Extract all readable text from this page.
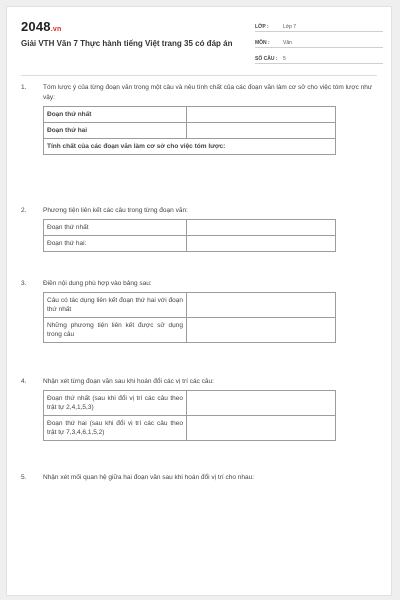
2048.vn
Giải VTH Văn 7 Thực hành tiếng Việt trang 35 có đáp án
LỚP :	Lớp 7
MÔN :	Văn
SỐ CÂU : 5
1.	Tóm lược ý của từng đoạn văn trong một câu và nêu tính chất của các đoạn văn làm cơ sở cho việc tóm lược như vậy:
Đoạn thứ nhất	
Đoạn thứ hai	
Tính chất của các đoạn văn làm cơ sở cho việc tóm lược:	
2.	Phương tiện liên kết các câu trong từng đoạn văn:
Đoạn thứ nhất	
Đoạn thứ hai:	
3.	Điền nội dung phù hợp vào bảng sau:
Câu có tác dụng liên kết đoạn thứ hai với đoạn thứ nhất	
Những phương tiện liên kết được sử dụng trong câu	
4.	Nhận xét từng đoạn văn sau khi hoán đổi các vị trí các câu:
Đoạn thứ nhất (sau khi đổi vị trí các câu theo trật tự 2,4,1,5,3)	
Đoạn thứ hai (sau khi đổi vị trí các câu theo trật tự 7,3,4,6,1,5,2)	
5.	Nhận xét mối quan hệ giữa hai đoạn văn sau khi hoán đổi vị trí cho nhau:
